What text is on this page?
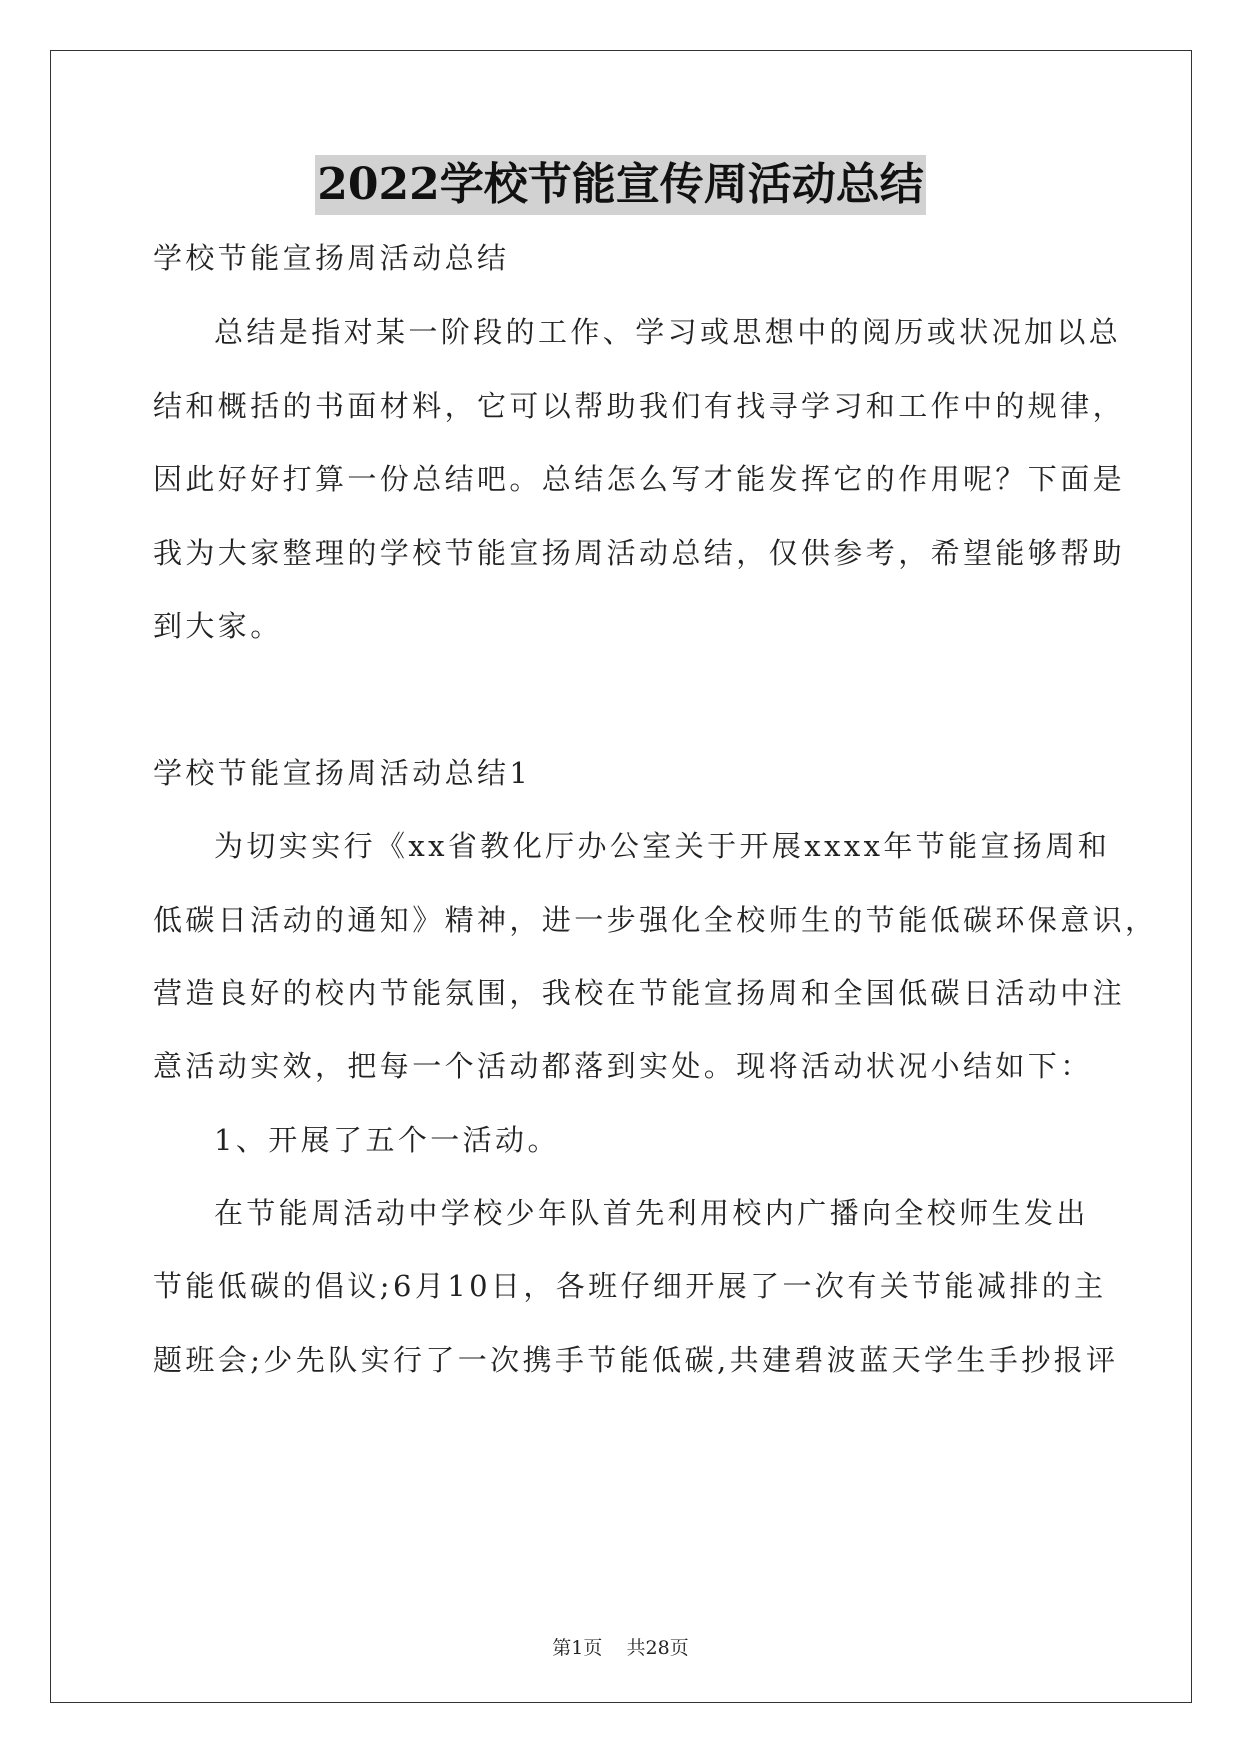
2022学校节能宣传周活动总结
学校节能宣扬周活动总结
总结是指对某一阶段的工作、学习或思想中的阅历或状况加以总
结和概括的书面材料，它可以帮助我们有找寻学习和工作中的规律，
因此好好打算一份总结吧。总结怎么写才能发挥它的作用呢？下面是
我为大家整理的学校节能宣扬周活动总结，仅供参考，希望能够帮助
到大家。
学校节能宣扬周活动总结1
为切实实行《xx省教化厅办公室关于开展xxxx年节能宣扬周和
低碳日活动的通知》精神，进一步强化全校师生的节能低碳环保意识，
营造良好的校内节能氛围，我校在节能宣扬周和全国低碳日活动中注
意活动实效，把每一个活动都落到实处。现将活动状况小结如下：
1、开展了五个一活动。
在节能周活动中学校少年队首先利用校内广播向全校师生发出
节能低碳的倡议;6月10日，各班仔细开展了一次有关节能减排的主
题班会;少先队实行了一次携手节能低碳,共建碧波蓝天学生手抄报评
第1页    共28页
